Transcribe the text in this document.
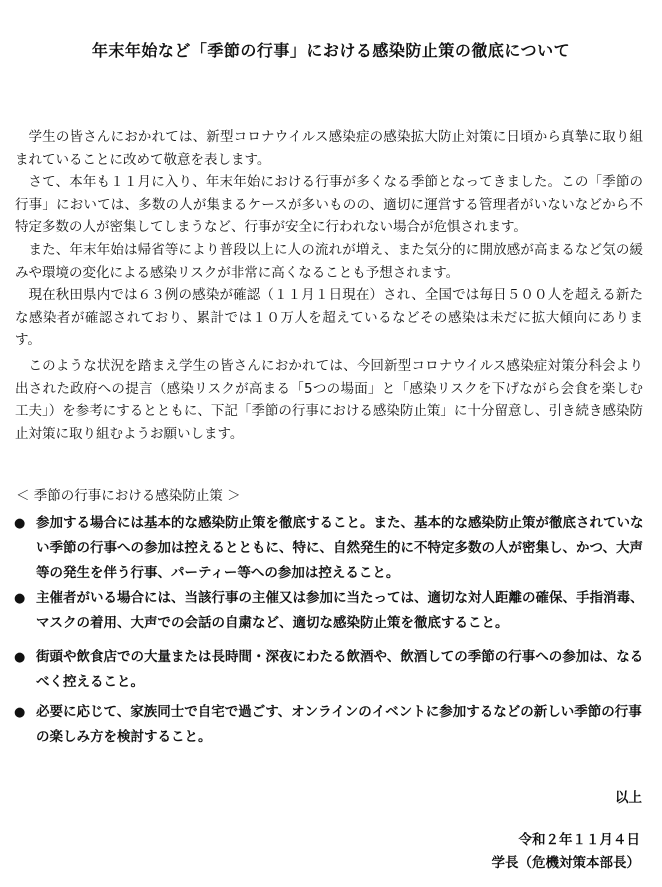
年末年始など「季節の行事」における感染防止策の徹底について
学生の皆さんにおかれては、新型コロナウイルス感染症の感染拡大防止対策に日頃から真摯に取り組まれていることに改めて敬意を表します。
さて、本年も１１月に入り、年末年始における行事が多くなる季節となってきました。この「季節の行事」においては、多数の人が集まるケースが多いものの、適切に運営する管理者がいないなどから不特定多数の人が密集してしまうなど、行事が安全に行われない場合が危惧されます。
また、年末年始は帰省等により普段以上に人の流れが増え、また気分的に開放感が高まるなど気の緩みや環境の変化による感染リスクが非常に高くなることも予想されます。
現在秋田県内では６３例の感染が確認（１１月１日現在）され、全国では毎日５００人を超える新たな感染者が確認されており、累計では１０万人を超えているなどその感染は未だに拡大傾向にあります。
このような状況を踏まえ学生の皆さんにおかれては、今回新型コロナウイルス感染症対策分科会より出された政府への提言（感染リスクが高まる「5つの場面」と「感染リスクを下げながら会食を楽しむ工夫」）を参考にするとともに、下記「季節の行事における感染防止策」に十分留意し、引き続き感染防止対策に取り組むようお願いします。
＜ 季節の行事における感染防止策 ＞
● 参加する場合には基本的な感染防止策を徹底すること。また、基本的な感染防止策が徹底されていない季節の行事への参加は控えるとともに、特に、自然発生的に不特定多数の人が密集し、かつ、大声等の発生を伴う行事、パーティー等への参加は控えること。
● 主催者がいる場合には、当該行事の主催又は参加に当たっては、適切な対人距離の確保、手指消毒、マスクの着用、大声での会話の自粛など、適切な感染防止策を徹底すること。
● 街頭や飲食店での大量または長時間・深夜にわたる飲酒や、飲酒しての季節の行事への参加は、なるべく控えること。
● 必要に応じて、家族同士で自宅で過ごす、オンラインのイベントに参加するなどの新しい季節の行事の楽しみ方を検討すること。
以上
令和２年１１月４日
学長（危機対策本部長）
